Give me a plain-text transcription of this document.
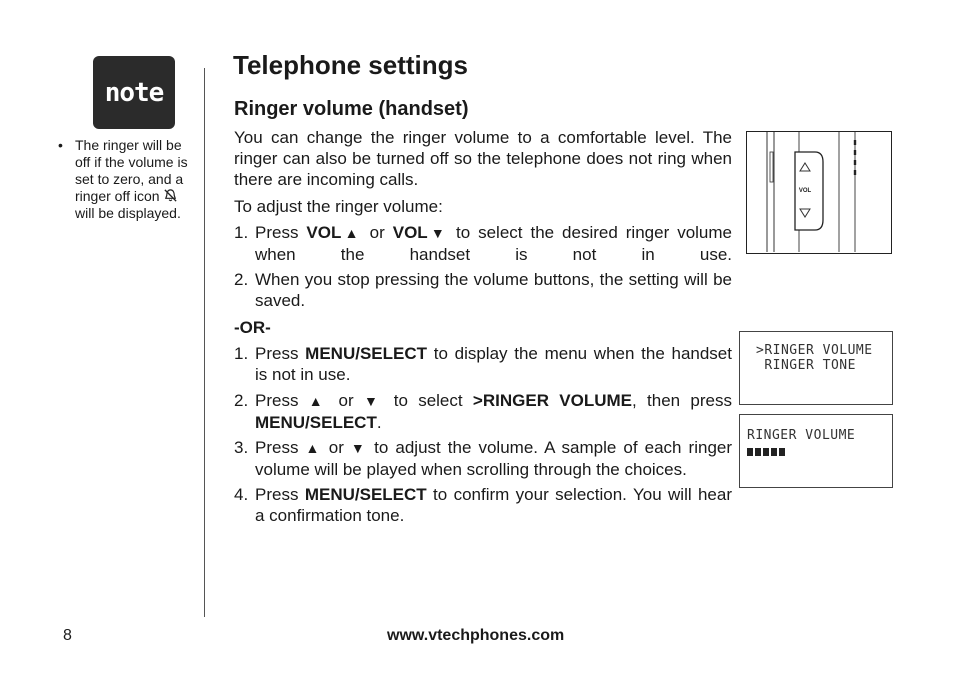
note
• The ringer will be off if the volume is set to zero, and a ringer off icon  will be displayed.
Telephone settings
Ringer volume (handset)

You can change the ringer volume to a comfortable level. The ringer can also be turned off so the telephone does not ring when there are incoming calls.

To adjust the ringer volume:

1. Press VOL▲ or VOL▼ to select the desired ringer volume when the handset is not in use.
2. When you stop pressing the volume buttons, the setting will be saved.
-OR-
1. Press MENU/SELECT to display the menu when the handset is not in use.
2. Press ▲ or ▼ to select >RINGER VOLUME, then press MENU/SELECT.
3. Press ▲ or ▼ to adjust the volume. A sample of each ringer volume will be played when scrolling through the choices.
4. Press MENU/SELECT to confirm your selection. You will hear a confirmation tone.
VOL
>RINGER VOLUME
RINGER TONE
RINGER VOLUME
8	www.vtechphones.com
